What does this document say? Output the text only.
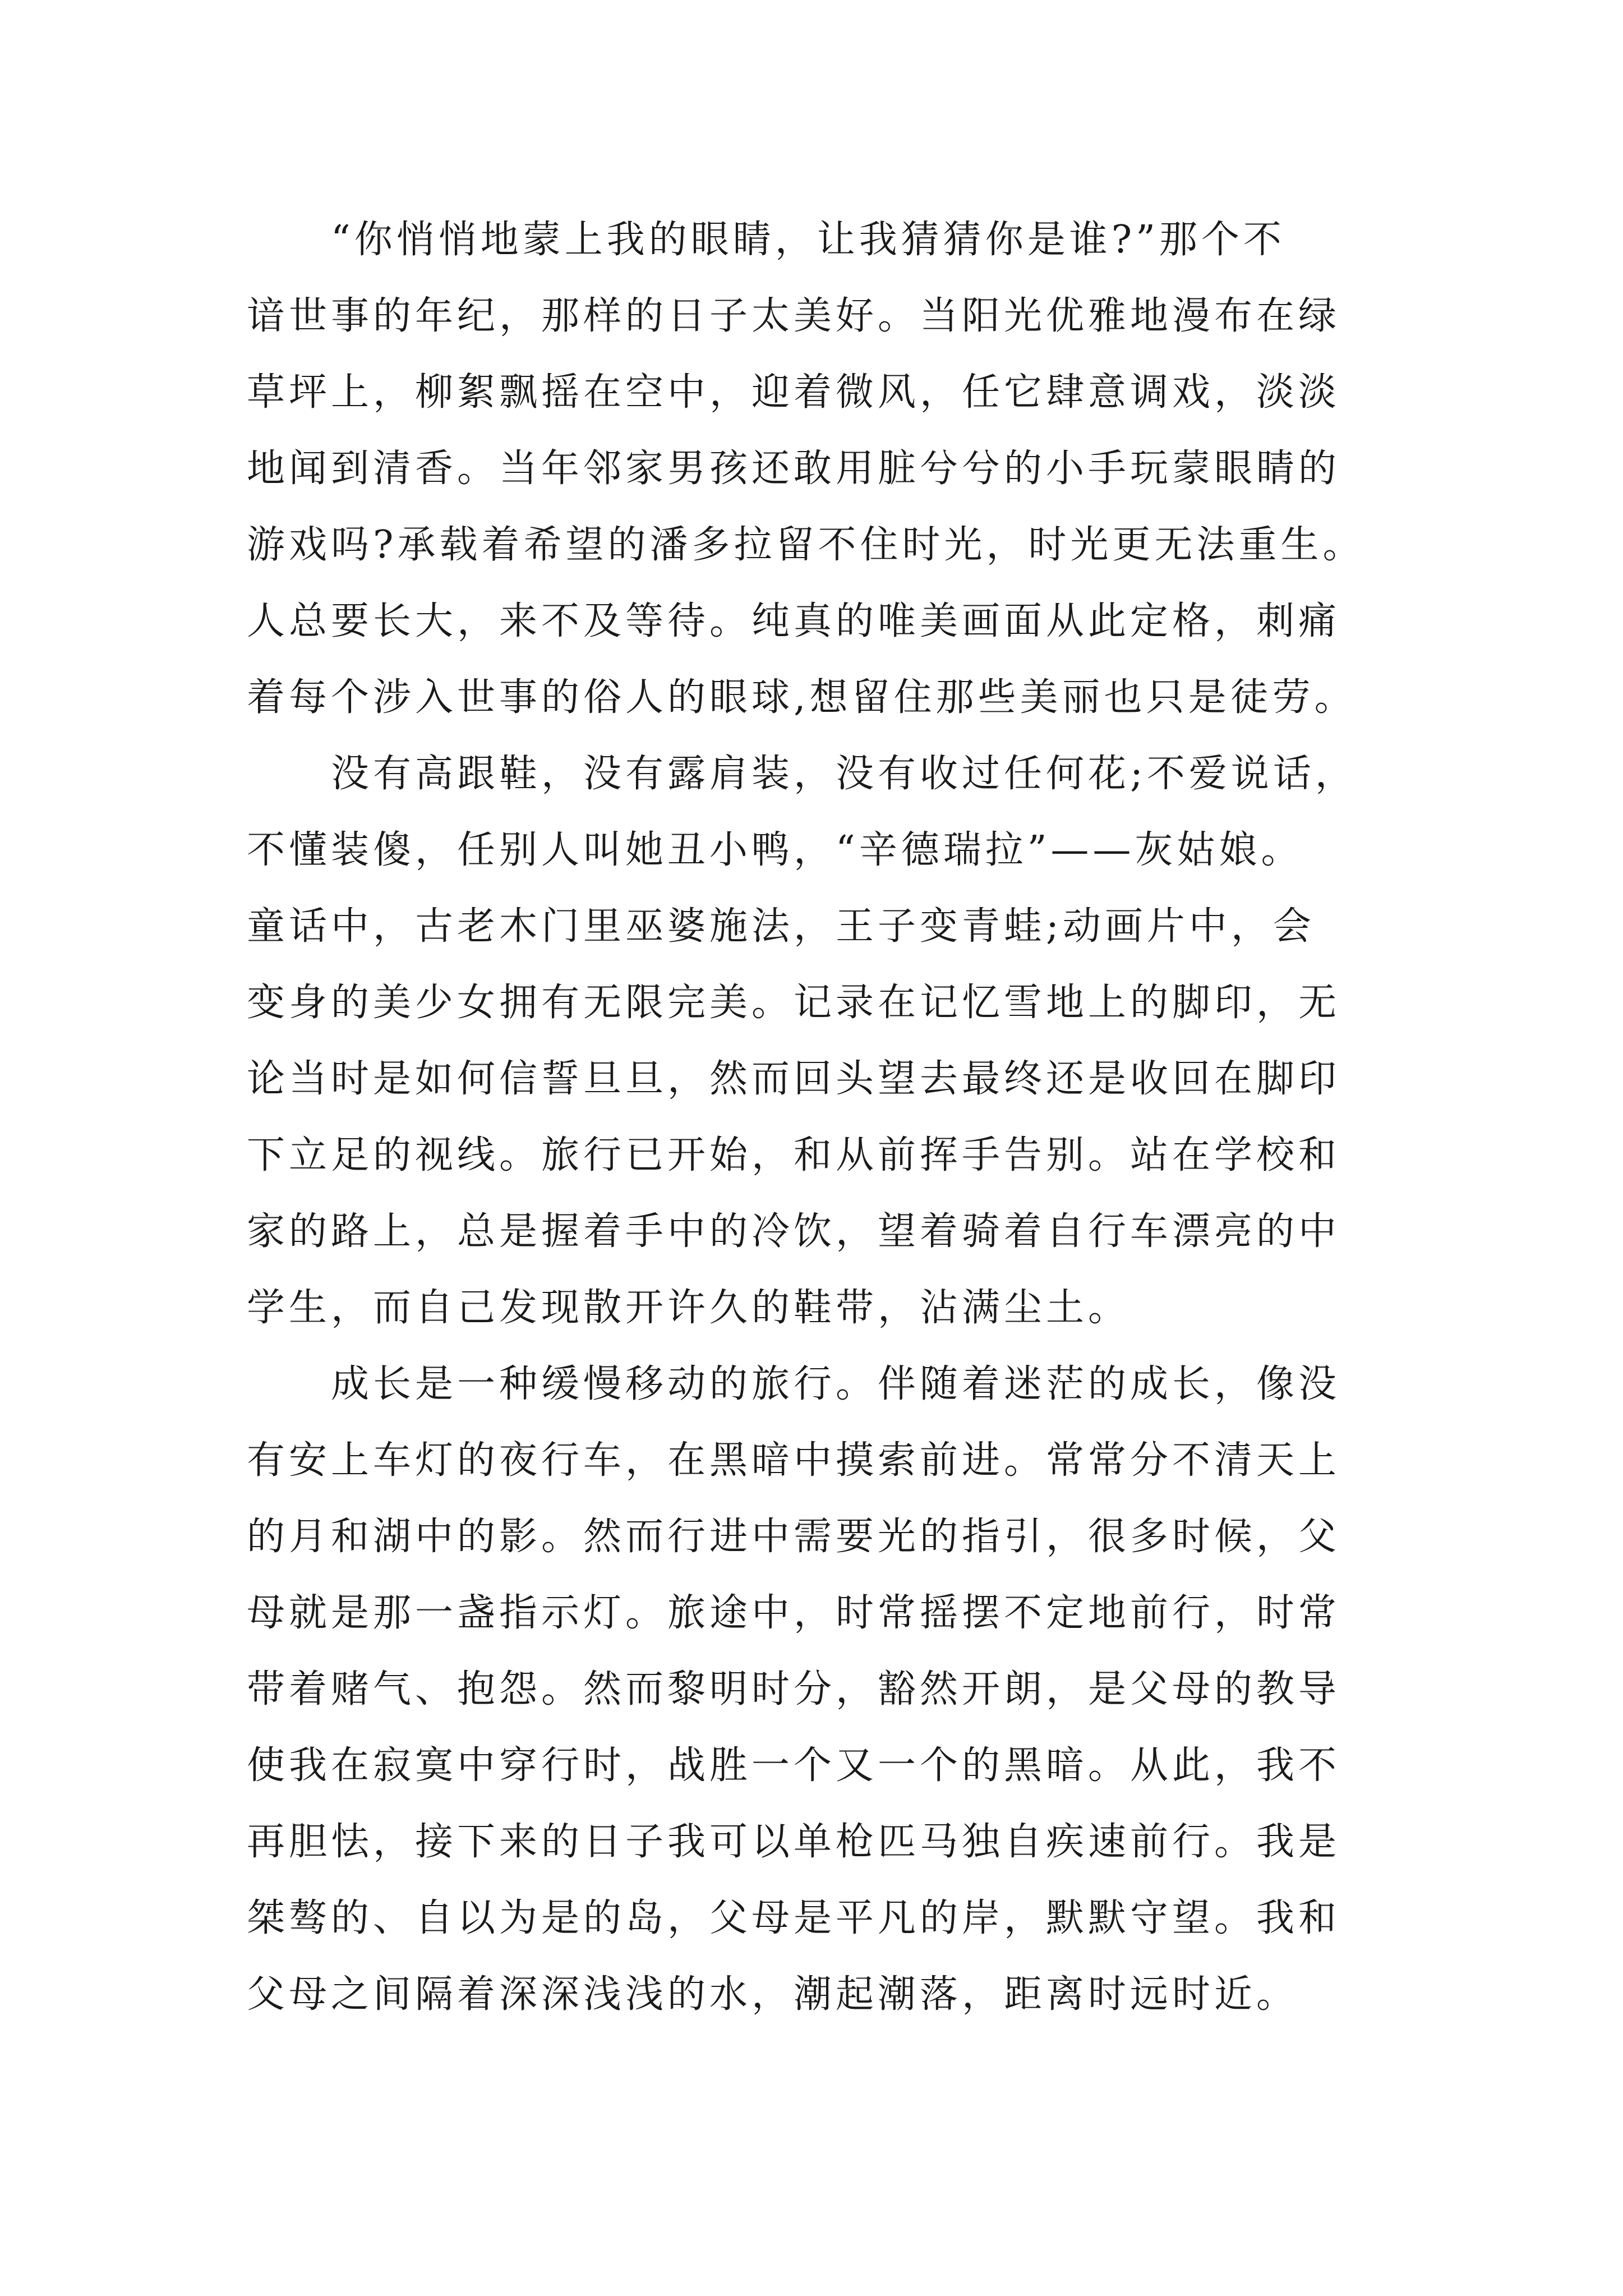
“你悄悄地蒙上我的眼睛，让我猜猜你是谁?”那个不
谙世事的年纪，那样的日子太美好。当阳光优雅地漫布在绿
草坪上，柳絮飘摇在空中，迎着微风，任它肆意调戏，淡淡
地闻到清香。当年邻家男孩还敢用脏兮兮的小手玩蒙眼睛的
游戏吗?承载着希望的潘多拉留不住时光，时光更无法重生。
人总要长大，来不及等待。纯真的唯美画面从此定格，刺痛
着每个涉入世事的俗人的眼球,想留住那些美丽也只是徒劳。
没有高跟鞋，没有露肩装，没有收过任何花;不爱说话，
不懂装傻，任别人叫她丑小鸭，“辛德瑞拉”——灰姑娘。
童话中，古老木门里巫婆施法，王子变青蛙;动画片中，会
变身的美少女拥有无限完美。记录在记忆雪地上的脚印，无
论当时是如何信誓旦旦，然而回头望去最终还是收回在脚印
下立足的视线。旅行已开始，和从前挥手告别。站在学校和
家的路上，总是握着手中的冷饮，望着骑着自行车漂亮的中
学生，而自己发现散开许久的鞋带，沾满尘土。
成长是一种缓慢移动的旅行。伴随着迷茫的成长，像没
有安上车灯的夜行车，在黑暗中摸索前进。常常分不清天上
的月和湖中的影。然而行进中需要光的指引，很多时候，父
母就是那一盏指示灯。旅途中，时常摇摆不定地前行，时常
带着赌气、抱怨。然而黎明时分，豁然开朗，是父母的教导
使我在寂寞中穿行时，战胜一个又一个的黑暗。从此，我不
再胆怯，接下来的日子我可以单枪匹马独自疾速前行。我是
桀骜的、自以为是的岛，父母是平凡的岸，默默守望。我和
父母之间隔着深深浅浅的水，潮起潮落，距离时远时近。
